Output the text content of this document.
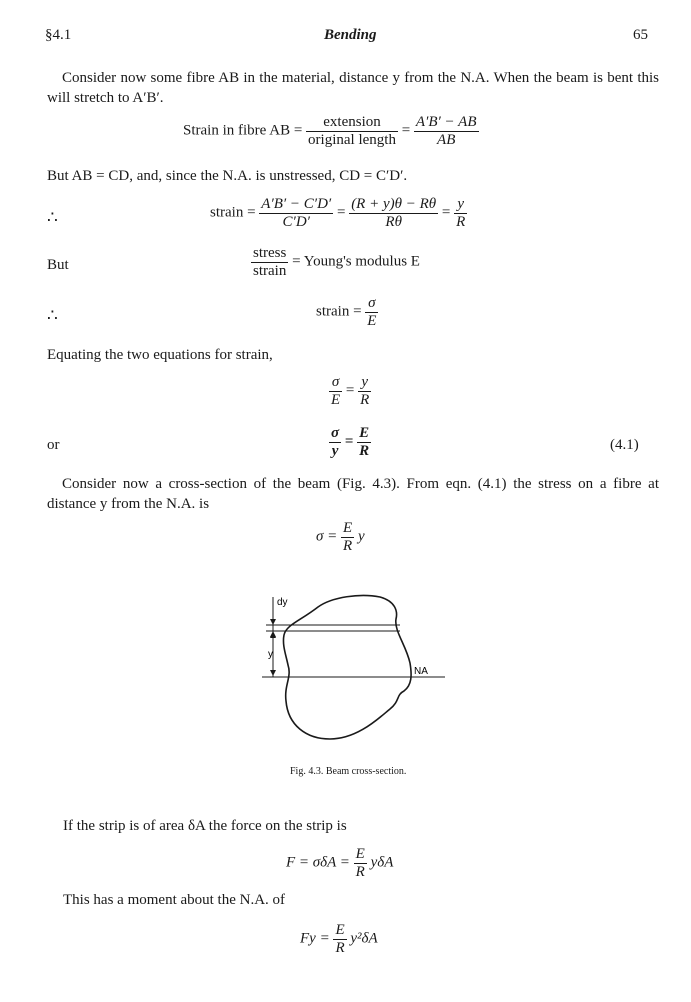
§4.1	Bending	65
Consider now some fibre AB in the material, distance y from the N.A. When the beam is bent this will stretch to A′B′.
Strain in fibre AB = $\frac{\text{extension}}{\text{original length}} = \frac{A'B' - AB}{AB}$
But AB = CD, and, since the N.A. is unstressed, CD = C′D′.
∴	strain = $\frac{A'B' - C'D'}{C'D'} = \frac{(R + y)\theta - R\theta}{R\theta} = \frac{y}{R}$
But	$\frac{\text{stress}}{\text{strain}}$ = Young's modulus E
∴	strain = $\frac{\sigma}{E}$
Equating the two equations for strain,
$\frac{\sigma}{E} = \frac{y}{R}$
or	$\frac{\sigma}{y} = \frac{E}{R}$	(4.1)
Consider now a cross-section of the beam (Fig. 4.3). From eqn. (4.1) the stress on a fibre at distance y from the N.A. is
$\sigma = \frac{E}{R}$ y
dy
y
NA
Fig. 4.3. Beam cross-section.
If the strip is of area δA the force on the strip is
$F = \sigma\delta A = \frac{E}{R}$ yδA
This has a moment about the N.A. of
$Fy = \frac{E}{R} y^2\delta A$
